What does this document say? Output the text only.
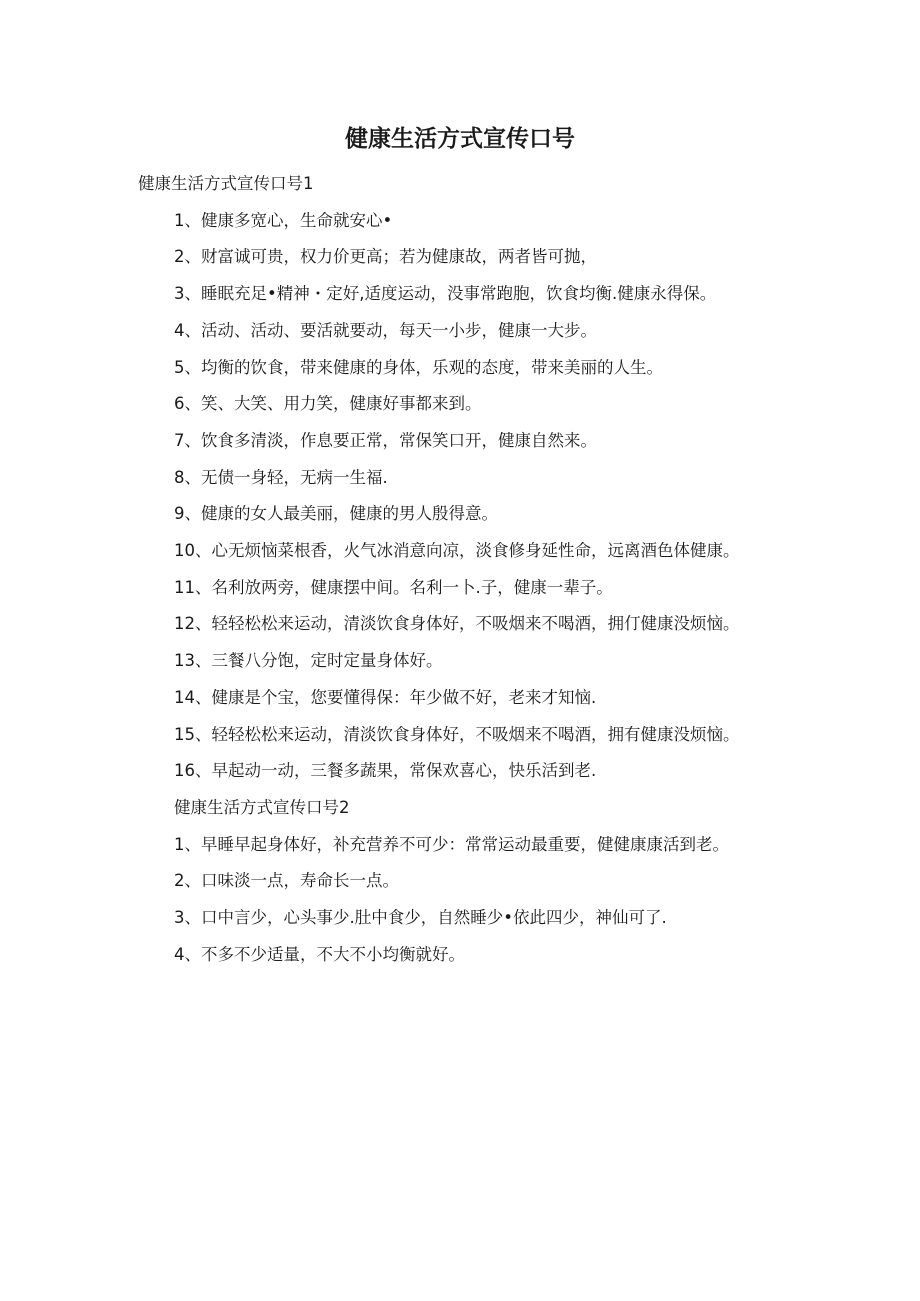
健康生活方式宣传口号

健康生活方式宣传口号1

1、健康多宽心，生命就安心•

2、财富诚可贵，权力价更高；若为健康故，两者皆可抛，

3、睡眠充足•精神・定好,适度运动，没事常跑胞，饮食均衡.健康永得保。

4、活动、活动、要活就要动，每天一小步，健康一大步。

5、均衡的饮食，带来健康的身体，乐观的态度，带来美丽的人生。

6、笑、大笑、用力笑，健康好事都来到。

7、饮食多清淡，作息要正常，常保笑口开，健康自然来。

8、无债一身轻，无病一生福.

9、健康的女人最美丽，健康的男人殷得意。

10、心无烦恼菜根香，火气冰消意向凉，淡食修身延性命，远离酒色体健康。

11、名利放两旁，健康摆中间。名利一卜.子，健康一辈子。

12、轻轻松松来运动，清淡饮食身体好，不吸烟来不喝酒，拥仃健康没烦恼。

13、三餐八分饱，定时定量身体好。

14、健康是个宝，您要懂得保：年少做不好，老来才知恼.

15、轻轻松松来运动，清淡饮食身体好，不吸烟来不喝酒，拥有健康没烦恼。

16、早起动一动，三餐多蔬果，常保欢喜心，快乐活到老.

健康生活方式宣传口号2

1、早睡早起身体好，补充营养不可少：常常运动最重要，健健康康活到老。

2、口味淡一点，寿命长一点。

3、口中言少，心头事少.肚中食少，自然睡少•依此四少，神仙可了.

4、不多不少适量，不大不小均衡就好。
